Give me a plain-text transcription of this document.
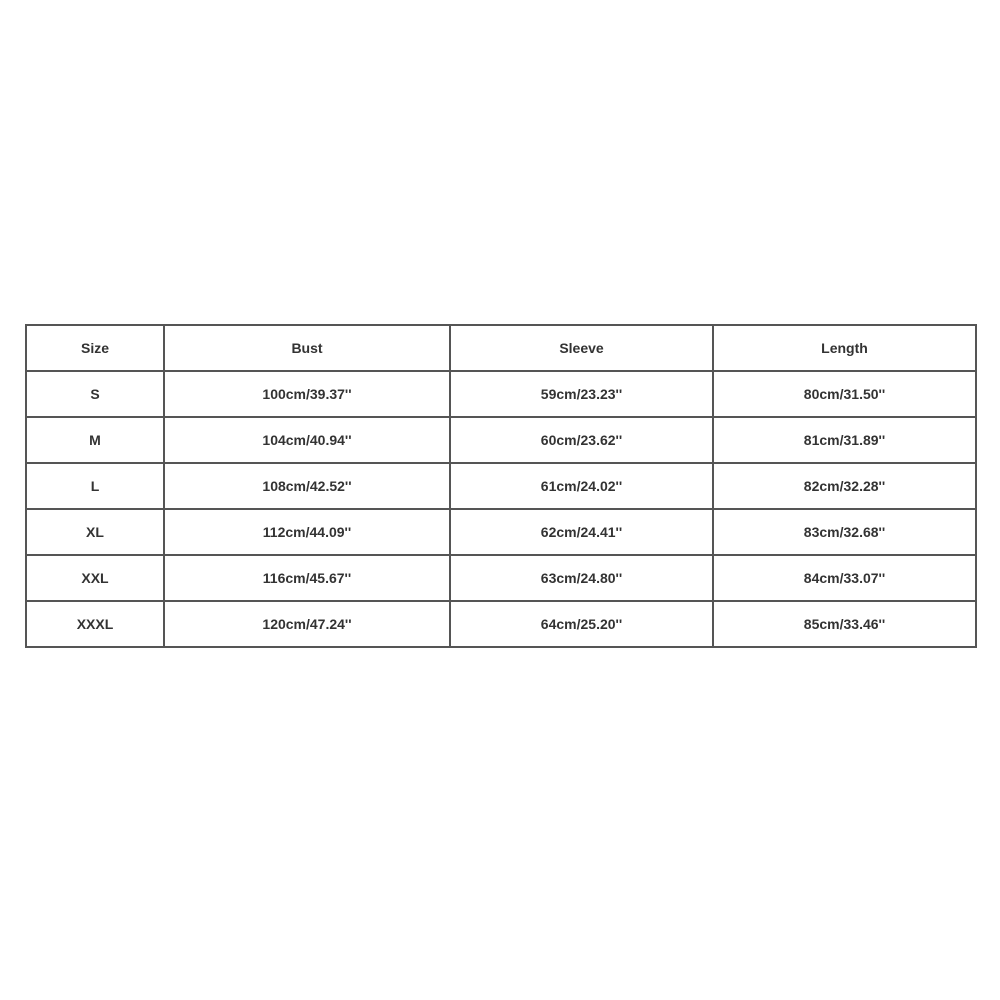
Size	Bust	Sleeve	Length
S	100cm/39.37''	59cm/23.23''	80cm/31.50''
M	104cm/40.94''	60cm/23.62''	81cm/31.89''
L	108cm/42.52''	61cm/24.02''	82cm/32.28''
XL	112cm/44.09''	62cm/24.41''	83cm/32.68''
XXL	116cm/45.67''	63cm/24.80''	84cm/33.07''
XXXL	120cm/47.24''	64cm/25.20''	85cm/33.46''
